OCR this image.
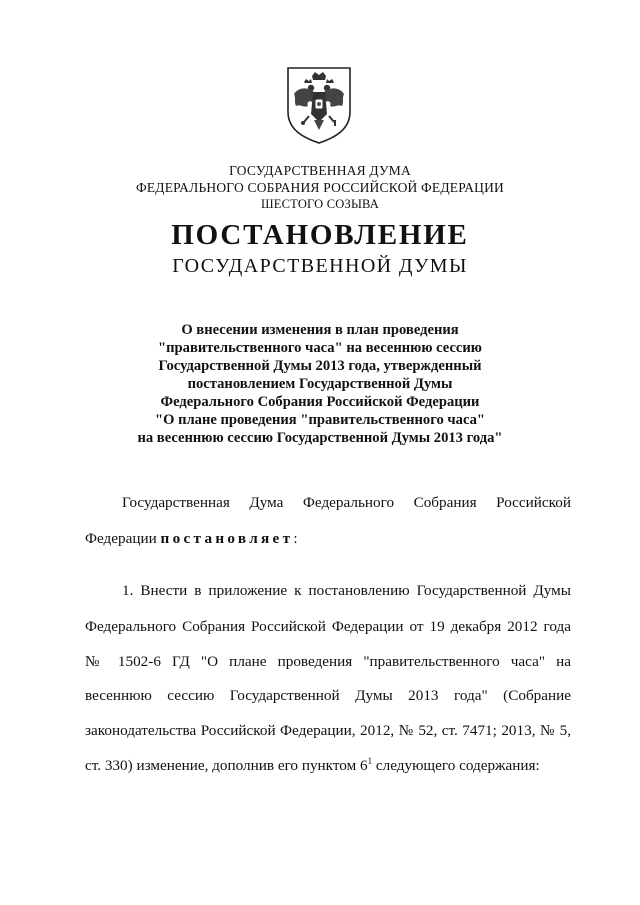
ГОСУДАРСТВЕННАЯ ДУМА
ФЕДЕРАЛЬНОГО СОБРАНИЯ РОССИЙСКОЙ ФЕДЕРАЦИИ
ШЕСТОГО СОЗЫВА
ПОСТАНОВЛЕНИЕ
ГОСУДАРСТВЕННОЙ ДУМЫ
О внесении изменения в план проведения
"правительственного часа" на весеннюю сессию
Государственной Думы 2013 года, утвержденный
постановлением Государственной Думы
Федерального Собрания Российской Федерации
"О плане проведения "правительственного часа"
на весеннюю сессию Государственной Думы 2013 года"
Государственная Дума Федерального Собрания Российской
Федерации постановляет:
1. Внести в приложение к постановлению Государственной Думы
Федерального Собрания Российской Федерации от 19 декабря 2012 года
№ 1502-6 ГД "О плане проведения "правительственного часа" на
весеннюю сессию Государственной Думы 2013 года" (Собрание
законодательства Российской Федерации, 2012, № 52, ст. 7471; 2013, № 5,
ст. 330) изменение, дополнив его пунктом $6^1$ следующего содержания:
